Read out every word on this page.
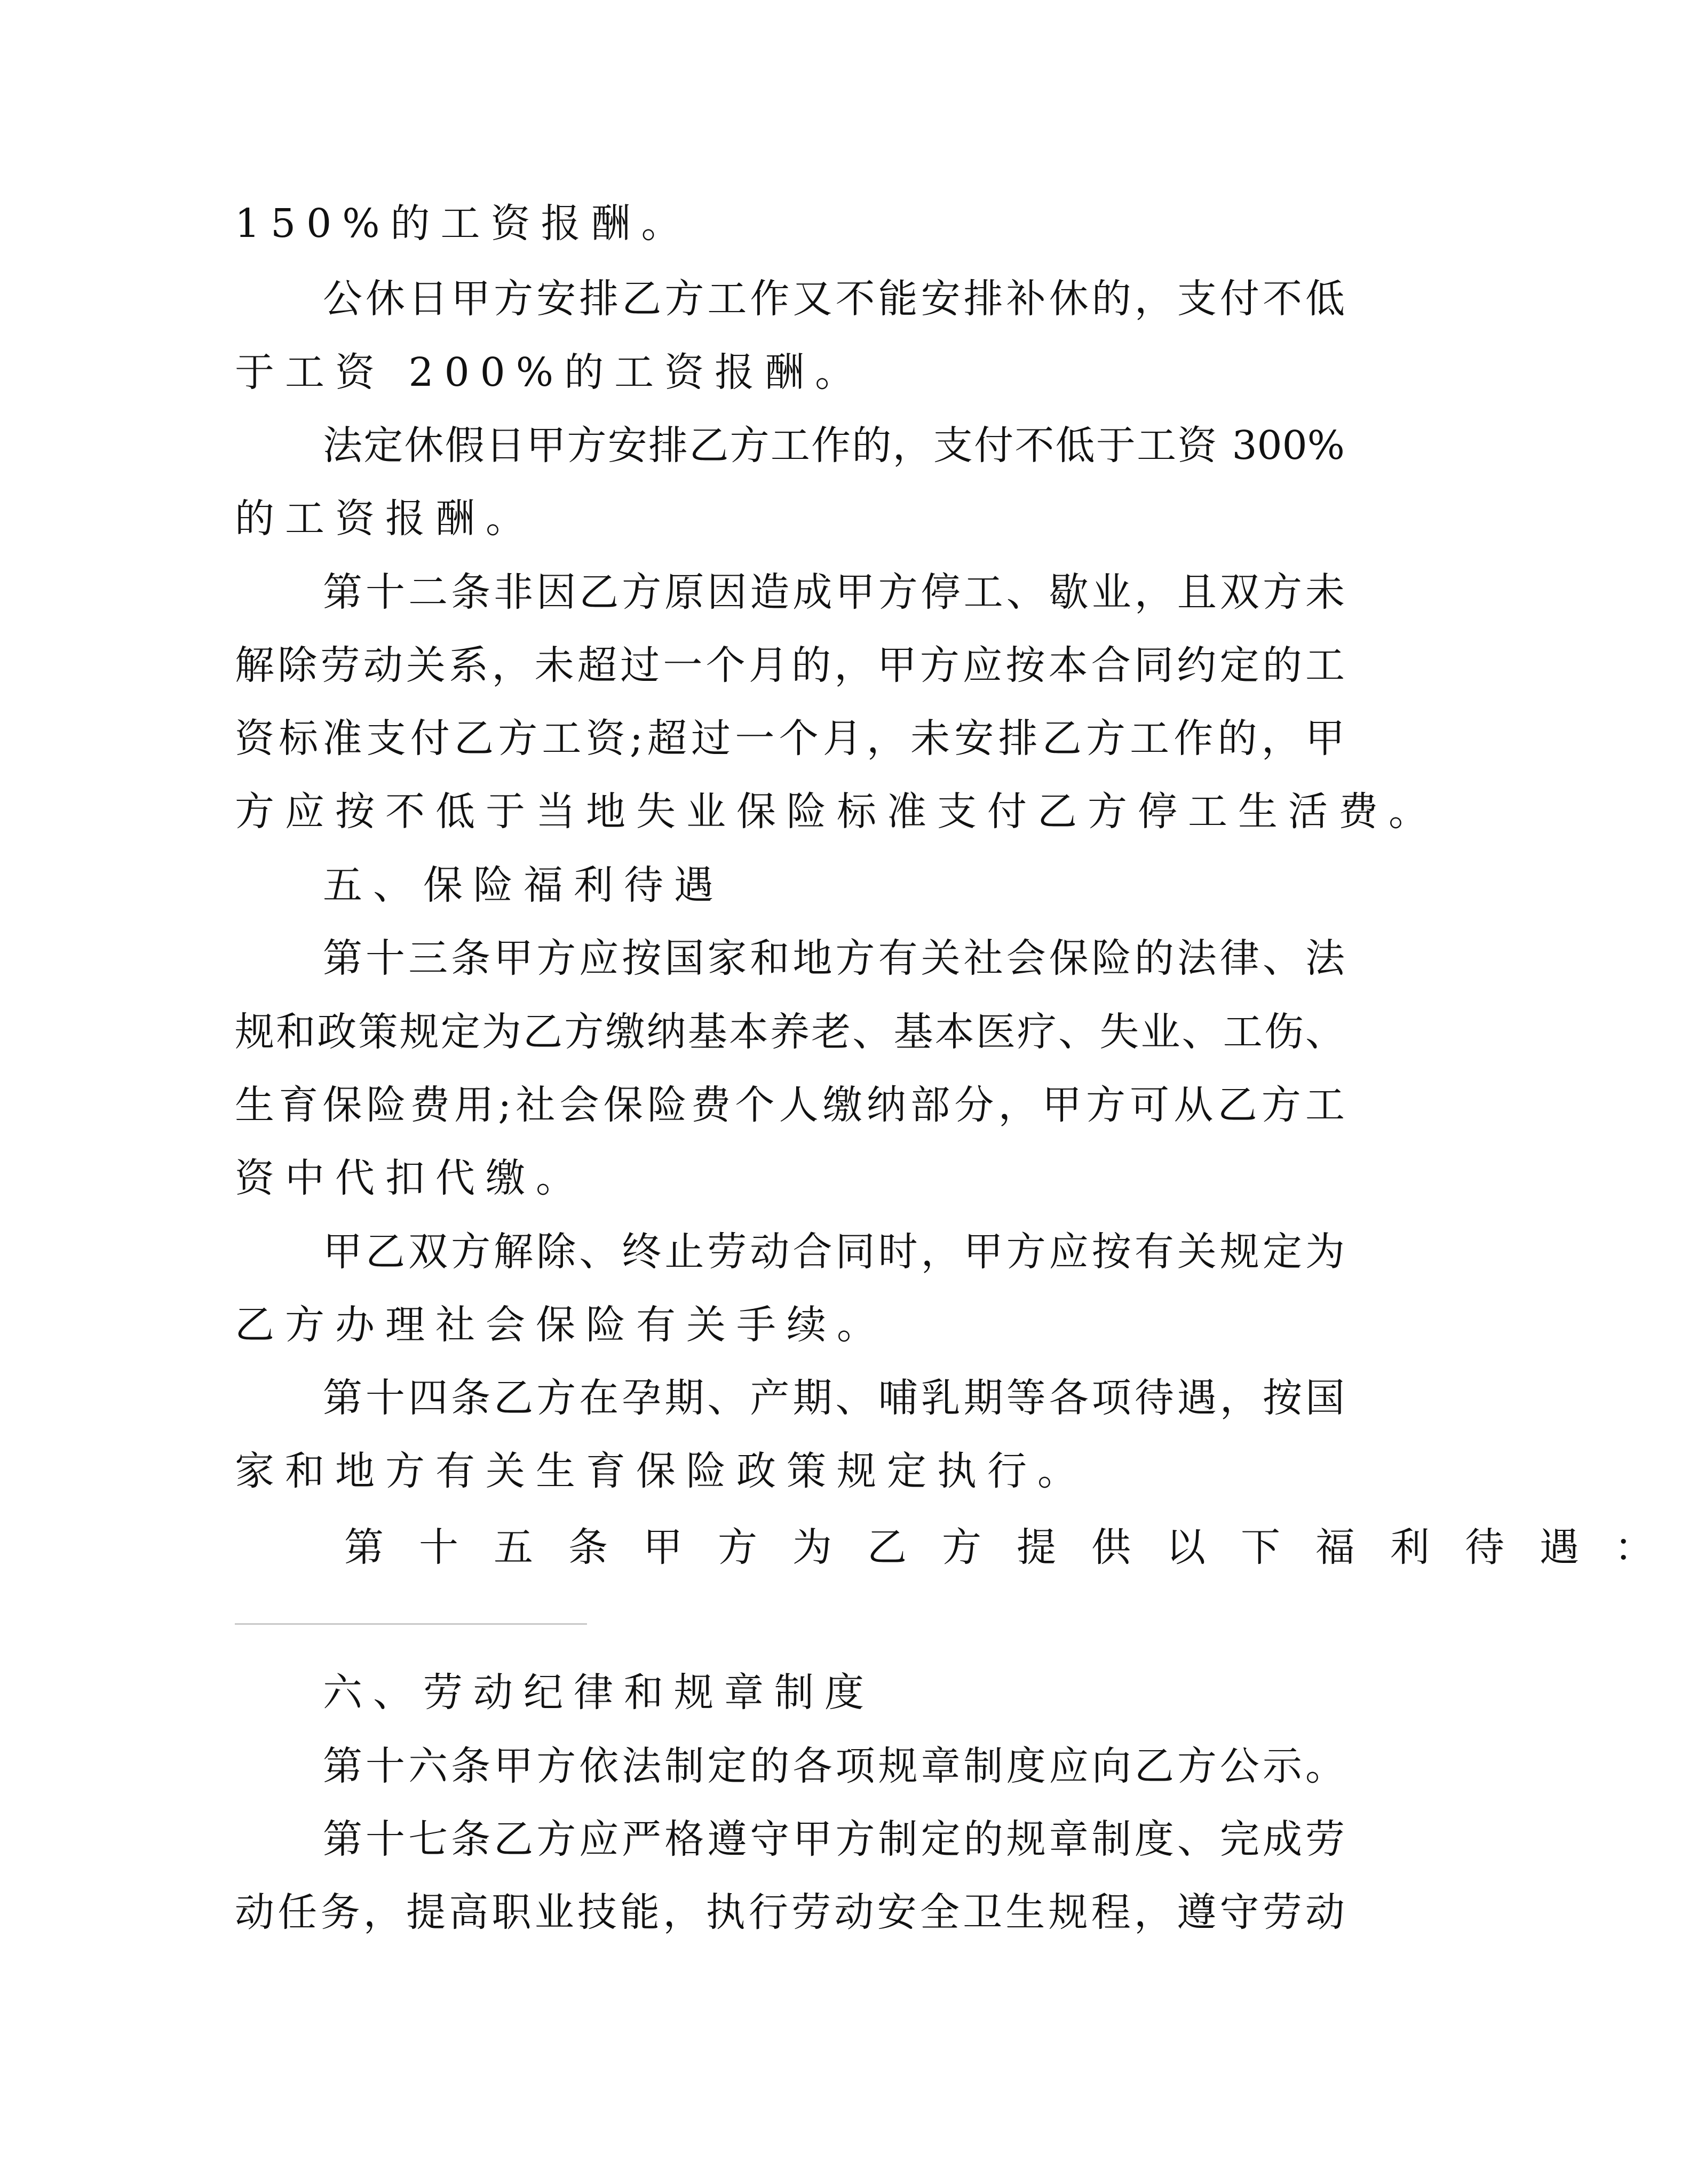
150%的工资报酬。
公休日甲方安排乙方工作又不能安排补休的，支付不低
于工资 200%的工资报酬。
法定休假日甲方安排乙方工作的，支付不低于工资 300%
的工资报酬。
第十二条非因乙方原因造成甲方停工、歇业，且双方未
解除劳动关系，未超过一个月的，甲方应按本合同约定的工
资标准支付乙方工资;超过一个月，未安排乙方工作的，甲
方应按不低于当地失业保险标准支付乙方停工生活费。
五、保险福利待遇
第十三条甲方应按国家和地方有关社会保险的法律、法
规和政策规定为乙方缴纳基本养老、基本医疗、失业、工伤、
生育保险费用;社会保险费个人缴纳部分，甲方可从乙方工
资中代扣代缴。
甲乙双方解除、终止劳动合同时，甲方应按有关规定为
乙方办理社会保险有关手续。
第十四条乙方在孕期、产期、哺乳期等各项待遇，按国
家和地方有关生育保险政策规定执行。
第十五条甲方为乙方提供以下福利待遇：
六、劳动纪律和规章制度
第十六条甲方依法制定的各项规章制度应向乙方公示。
第十七条乙方应严格遵守甲方制定的规章制度、完成劳
动任务，提高职业技能，执行劳动安全卫生规程，遵守劳动
